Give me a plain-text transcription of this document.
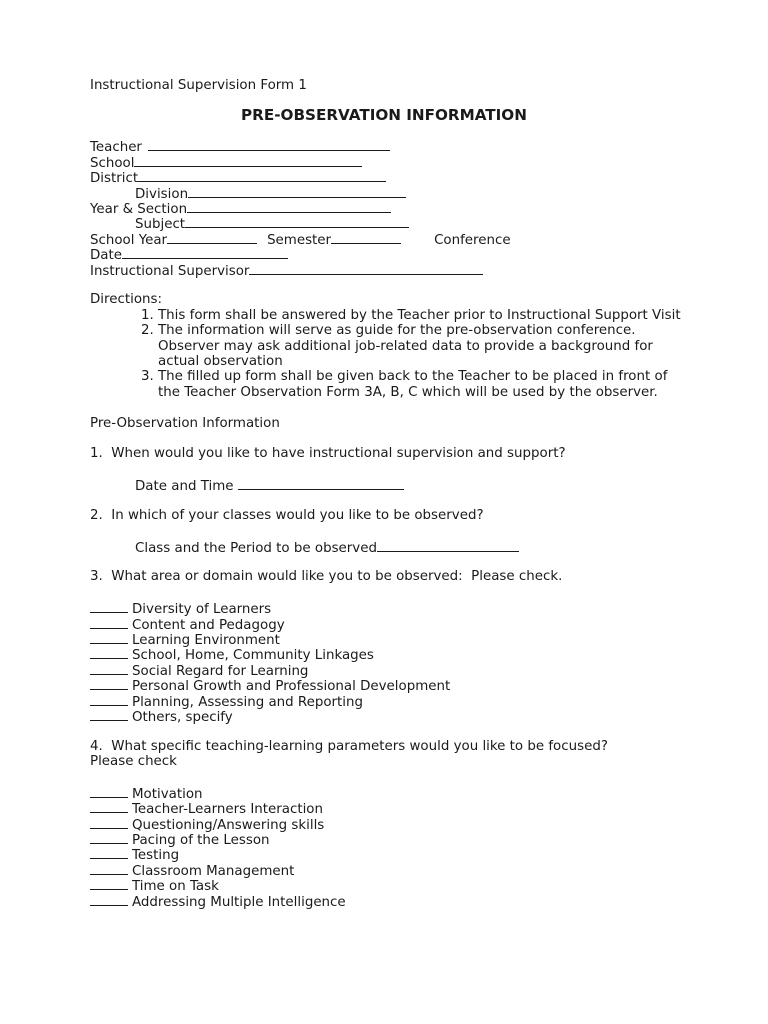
Instructional Supervision Form 1
PRE-OBSERVATION INFORMATION
Teacher
School
District
Division
Year & Section
Subject
School Year	Semester	Conference
Date
Instructional Supervisor
Directions:
1. This form shall be answered by the Teacher prior to Instructional Support Visit
2. The information will serve as guide for the pre-observation conference. Observer may ask additional job-related data to provide a background for actual observation
3. The filled up form shall be given back to the Teacher to be placed in front of the Teacher Observation Form 3A, B, C which will be used by the observer.
Pre-Observation Information
1.  When would you like to have instructional supervision and support?
Date and Time
2.  In which of your classes would you like to be observed?
Class and the Period to be observed
3.  What area or domain would like you to be observed:  Please check.
Diversity of Learners
Content and Pedagogy
Learning Environment
School, Home, Community Linkages
Social Regard for Learning
Personal Growth and Professional Development
Planning, Assessing and Reporting
Others, specify
4.  What specific teaching-learning parameters would you like to be focused?
Please check
Motivation
Teacher-Learners Interaction
Questioning/Answering skills
Pacing of the Lesson
Testing
Classroom Management
Time on Task
Addressing Multiple Intelligence
